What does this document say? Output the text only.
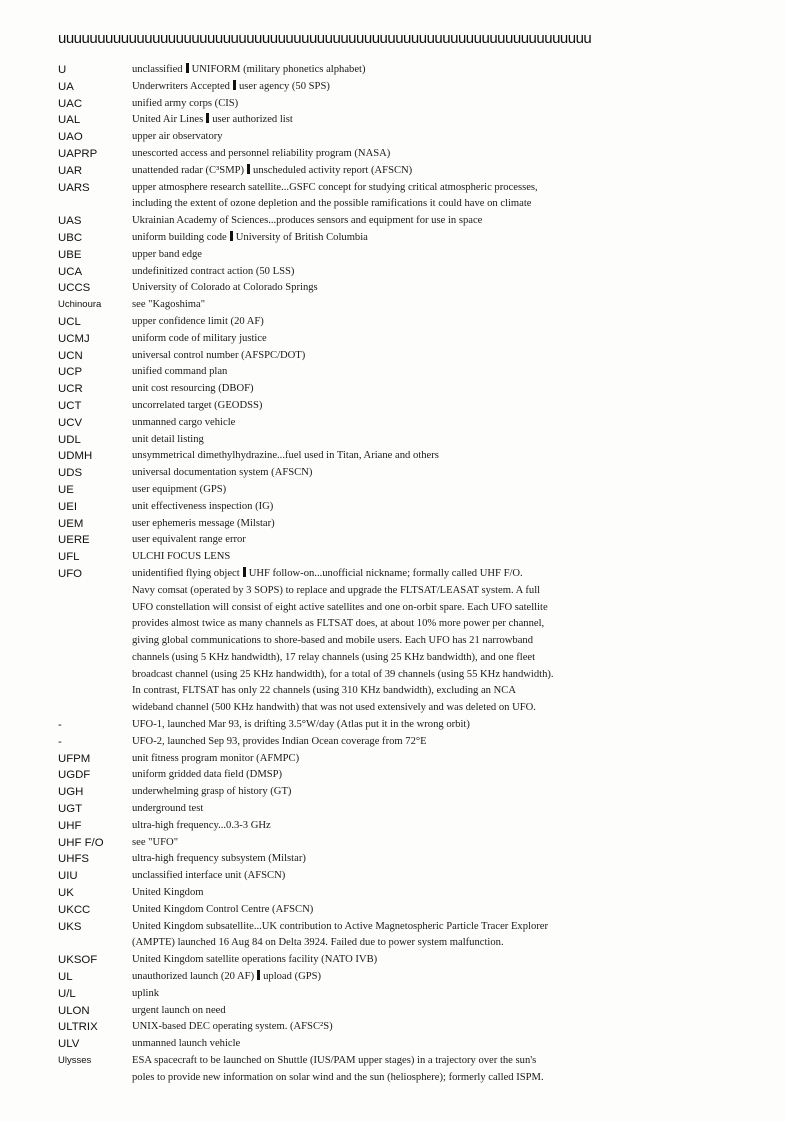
uuuuuuuuuuuuuuuuuuuuuuuuuuuuuuuuuuuuuuuuuuuuuuuuuuuuuuuuuuuuuuuuuuuu
U	unclassified UNIFORM (military phonetics alphabet)
UA	Underwriters Accepted user agency (50 SPS)
UAC	unified army corps (CIS)
UAL	United Air Lines user authorized list
UAO	upper air observatory
UAPRP	unescorted access and personnel reliability program (NASA)
UAR	unattended radar (C³SMP) unscheduled activity report (AFSCN)
UARS	upper atmosphere research satellite...GSFC concept for studying critical atmospheric processes,
including the extent of ozone depletion and the possible ramifications it could have on climate
UAS	Ukrainian Academy of Sciences...produces sensors and equipment for use in space
UBC	uniform building code University of British Columbia
UBE	upper band edge
UCA	undefinitized contract action (50 LSS)
UCCS	University of Colorado at Colorado Springs
Uchinoura	see "Kagoshima"
UCL	upper confidence limit (20 AF)
UCMJ	uniform code of military justice
UCN	universal control number (AFSPC/DOT)
UCP	unified command plan
UCR	unit cost resourcing (DBOF)
UCT	uncorrelated target (GEODSS)
UCV	unmanned cargo vehicle
UDL	unit detail listing
UDMH	unsymmetrical dimethylhydrazine...fuel used in Titan, Ariane and others
UDS	universal documentation system (AFSCN)
UE	user equipment (GPS)
UEI	unit effectiveness inspection (IG)
UEM	user ephemeris message (Milstar)
UERE	user equivalent range error
UFL	ULCHI FOCUS LENS
UFO	unidentified flying object UHF follow-on...unofficial nickname; formally called UHF F/O.
Navy comsat (operated by 3 SOPS) to replace and upgrade the FLTSAT/LEASAT system. A full
UFO constellation will consist of eight active satellites and one on-orbit spare. Each UFO satellite
provides almost twice as many channels as FLTSAT does, at about 10% more power per channel,
giving global communications to shore-based and mobile users. Each UFO has 21 narrowband
channels (using 5 KHz handwidth), 17 relay channels (using 25 KHz bandwidth), and one fleet
broadcast channel (using 25 KHz handwidth), for a total of 39 channels (using 55 KHz handwidth).
In contrast, FLTSAT has only 22 channels (using 310 KHz bandwidth), excluding an NCA
wideband channel (500 KHz handwith) that was not used extensively and was deleted on UFO.
-	UFO-1, launched Mar 93, is drifting 3.5°W/day (Atlas put it in the wrong orbit)
-	UFO-2, launched Sep 93, provides Indian Ocean coverage from 72°E
UFPM	unit fitness program monitor (AFMPC)
UGDF	uniform gridded data field (DMSP)
UGH	underwhelming grasp of history (GT)
UGT	underground test
UHF	ultra-high frequency...0.3-3 GHz
UHF F/O	see "UFO"
UHFS	ultra-high frequency subsystem (Milstar)
UIU	unclassified interface unit (AFSCN)
UK	United Kingdom
UKCC	United Kingdom Control Centre (AFSCN)
UKS	United Kingdom subsatellite...UK contribution to Active Magnetospheric Particle Tracer Explorer
(AMPTE) launched 16 Aug 84 on Delta 3924. Failed due to power system malfunction.
UKSOF	United Kingdom satellite operations facility (NATO IVB)
UL	unauthorized launch (20 AF) upload (GPS)
U/L	uplink
ULON	urgent launch on need
ULTRIX	UNIX-based DEC operating system. (AFSC²S)
ULV	unmanned launch vehicle
Ulysses	ESA spacecraft to be launched on Shuttle (IUS/PAM upper stages) in a trajectory over the sun's
poles to provide new information on solar wind and the sun (heliosphere); formerly called ISPM.
